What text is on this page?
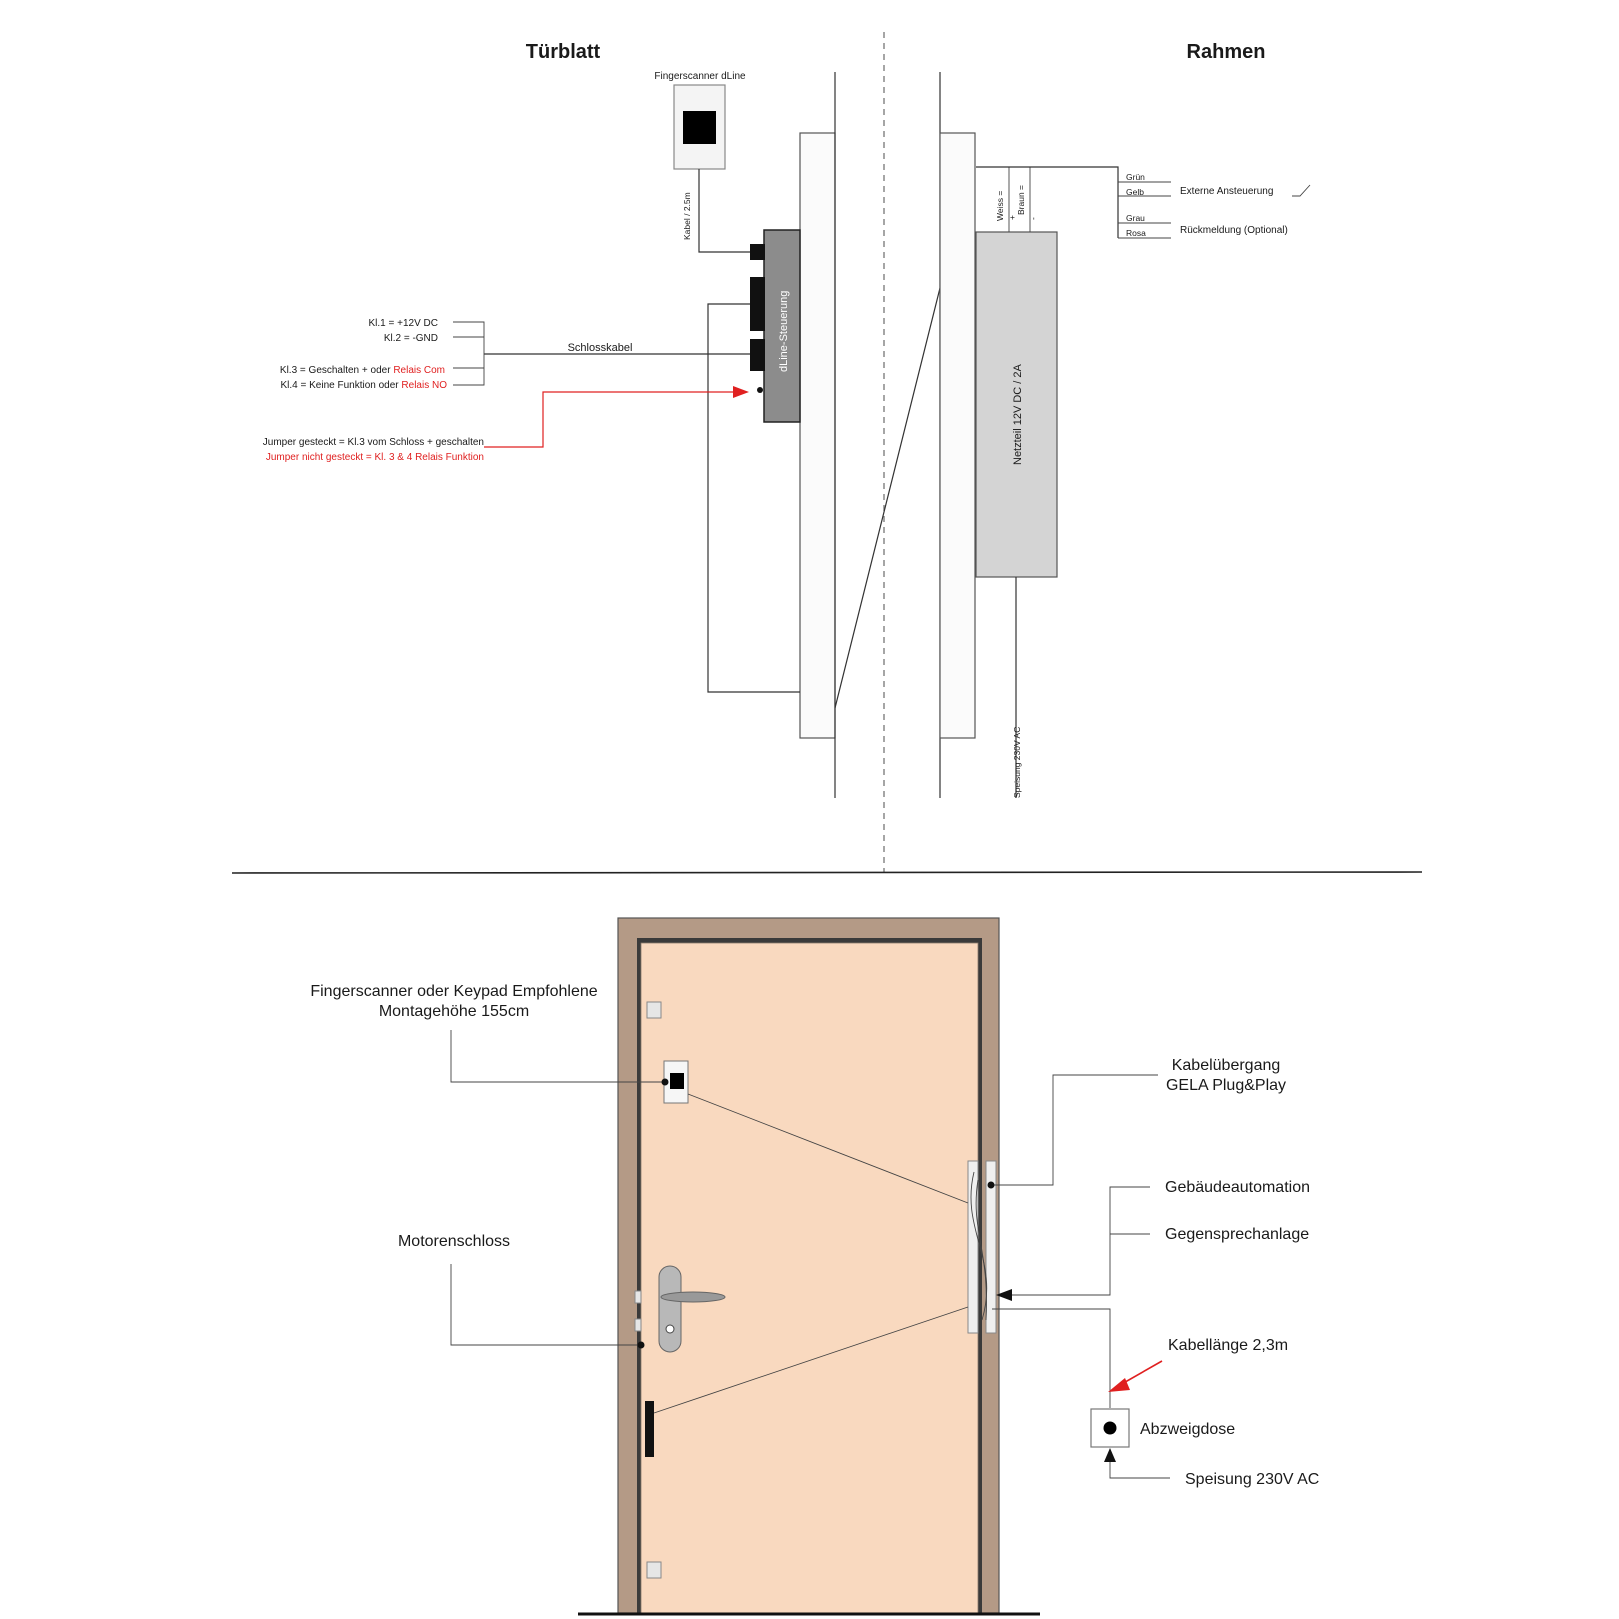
Türblatt	Rahmen
Fingerscanner dLine
Kabel / 2.5m
dLine-Steuerung
Schlosskabel
Kl.1 = +12V DC
Kl.2 = -GND
Kl.3 = Geschalten + oder Relais Com
Kl.4 = Keine Funktion oder Relais NO
Jumper gesteckt = Kl.3 vom Schloss + geschalten
Jumper nicht gesteckt = Kl. 3 & 4 Relais Funktion	Netzteil 12V DC / 2A
Speisung 230V AC
Weiss = Braun =
+ -
Grün
Gelb
Grau
Rosa
Externe Ansteuerung
Rückmeldung (Optional)
Fingerscanner oder Keypad Empfohlene
Montagehöhe 155cm
Motorenschloss
Kabelübergang
GELA Plug&Play
Gebäudeautomation
Gegensprechanlage
Kabellänge 2,3m
Abzweigdose
Speisung 230V AC
